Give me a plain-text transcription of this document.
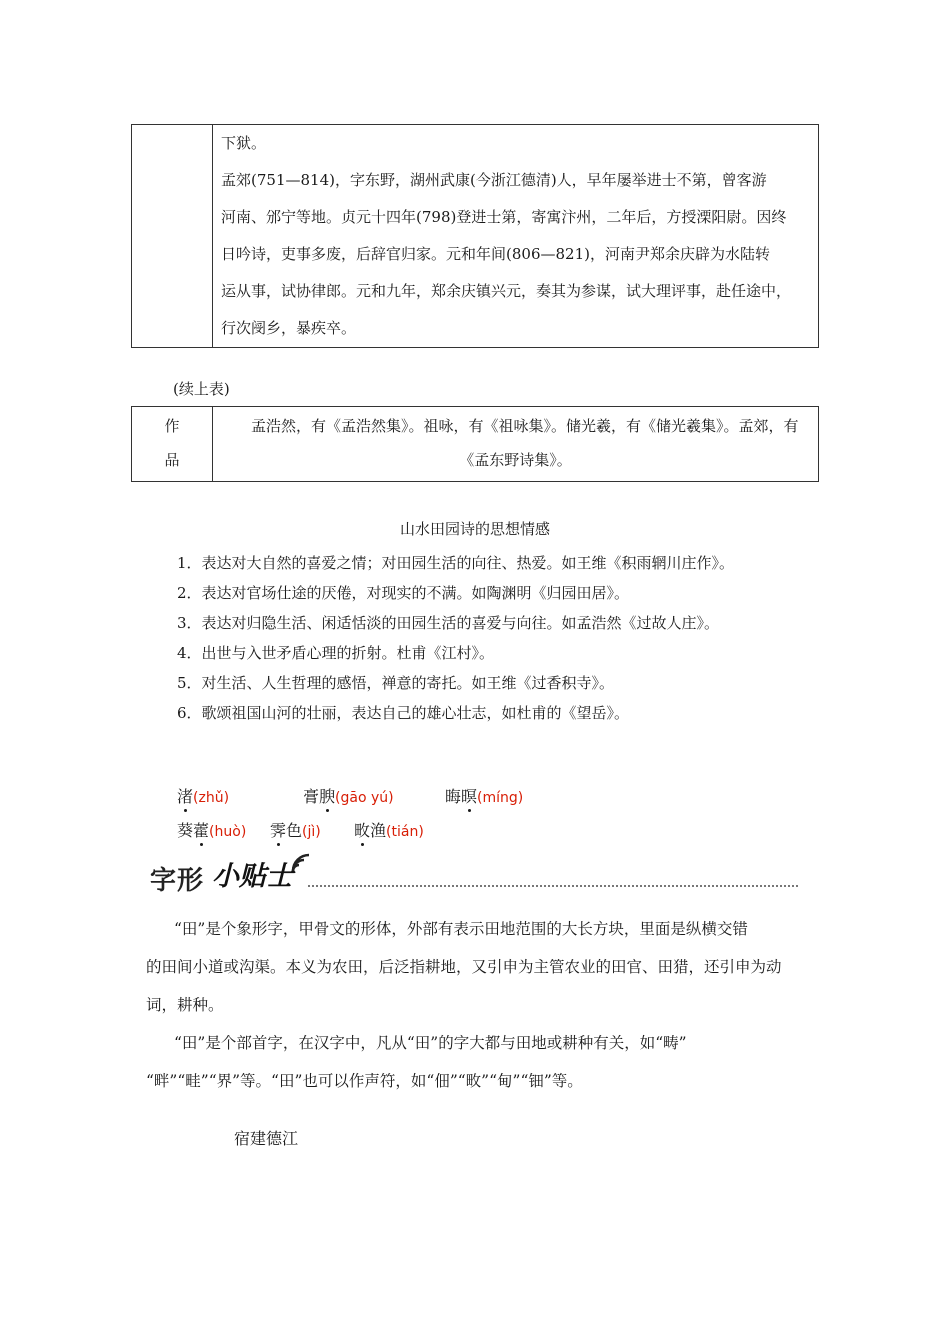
下狱。
孟郊(751—814)，字东野，湖州武康(今浙江德清)人，早年屡举进士不第，曾客游
河南、邠宁等地。贞元十四年(798)登进士第，寄寓汴州，二年后，方授溧阳尉。因终
日吟诗，吏事多废，后辞官归家。元和年间(806—821)，河南尹郑余庆辟为水陆转
运从事，试协律郎。元和九年，郑余庆镇兴元，奏其为参谋，试大理评事，赴任途中，
行次阌乡，暴疾卒。
(续上表)
作
品

孟浩然，有《孟浩然集》。祖咏，有《祖咏集》。储光羲，有《储光羲集》。孟郊，有
《孟东野诗集》。
山水田园诗的思想情感
1．表达对大自然的喜爱之情；对田园生活的向往、热爱。如王维《积雨辋川庄作》。
2．表达对官场仕途的厌倦，对现实的不满。如陶渊明《归园田居》。
3．表达对归隐生活、闲适恬淡的田园生活的喜爱与向往。如孟浩然《过故人庄》。
4．出世与入世矛盾心理的折射。杜甫《江村》。
5．对生活、人生哲理的感悟，禅意的寄托。如王维《过香积寺》。
6．歌颂祖国山河的壮丽，表达自己的雄心壮志，如杜甫的《望岳》。
渚(zhǔ)	膏腴(gāo yú)	晦暝(míng)
葵藿(huò) 霁色(jì) 畋渔(tián)
字形 小贴士
“田”是个象形字，甲骨文的形体，外部有表示田地范围的大长方块，里面是纵横交错
的田间小道或沟渠。本义为农田，后泛指耕地，又引申为主管农业的田官、田猎，还引申为动
词，耕种。
“田”是个部首字，在汉字中，凡从“田”的字大都与田地或耕种有关，如“畴”
“畔”“畦”“界”等。“田”也可以作声符，如“佃”“畋”“甸”“钿”等。
宿建德江
